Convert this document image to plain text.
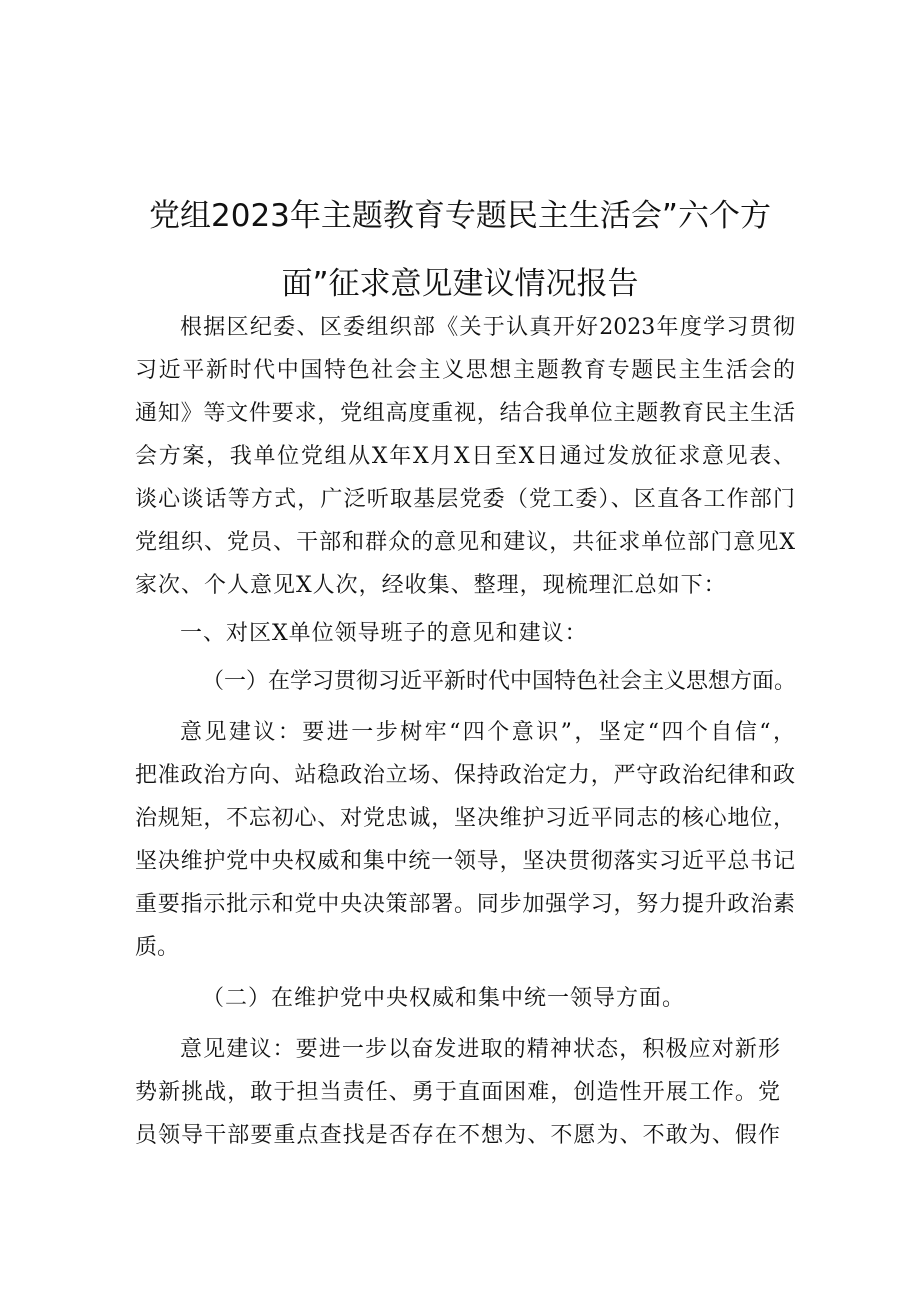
党组2023年主题教育专题民主生活会”六个方
面”征求意见建议情况报告
根据区纪委、区委组织部《关于认真开好2023年度学习贯彻
习近平新时代中国特色社会主义思想主题教育专题民主生活会的
通知》等文件要求，党组高度重视，结合我单位主题教育民主生活
会方案，我单位党组从X年X月X日至X日通过发放征求意见表、
谈心谈话等方式，广泛听取基层党委（党工委）、区直各工作部门
党组织、党员、干部和群众的意见和建议，共征求单位部门意见X
家次、个人意见X人次，经收集、整理，现梳理汇总如下：
一、对区X单位领导班子的意见和建议：
（一）在学习贯彻习近平新时代中国特色社会主义思想方面。
意见建议：要进一步树牢“四个意识”，坚定“四个自信“，
把准政治方向、站稳政治立场、保持政治定力，严守政治纪律和政
治规矩，不忘初心、对党忠诚，坚决维护习近平同志的核心地位，
坚决维护党中央权威和集中统一领导，坚决贯彻落实习近平总书记
重要指示批示和党中央决策部署。同步加强学习，努力提升政治素
质。
（二）在维护党中央权威和集中统一领导方面。
意见建议：要进一步以奋发进取的精神状态，积极应对新形
势新挑战，敢于担当责任、勇于直面困难，创造性开展工作。党
员领导干部要重点查找是否存在不想为、不愿为、不敢为、假作
